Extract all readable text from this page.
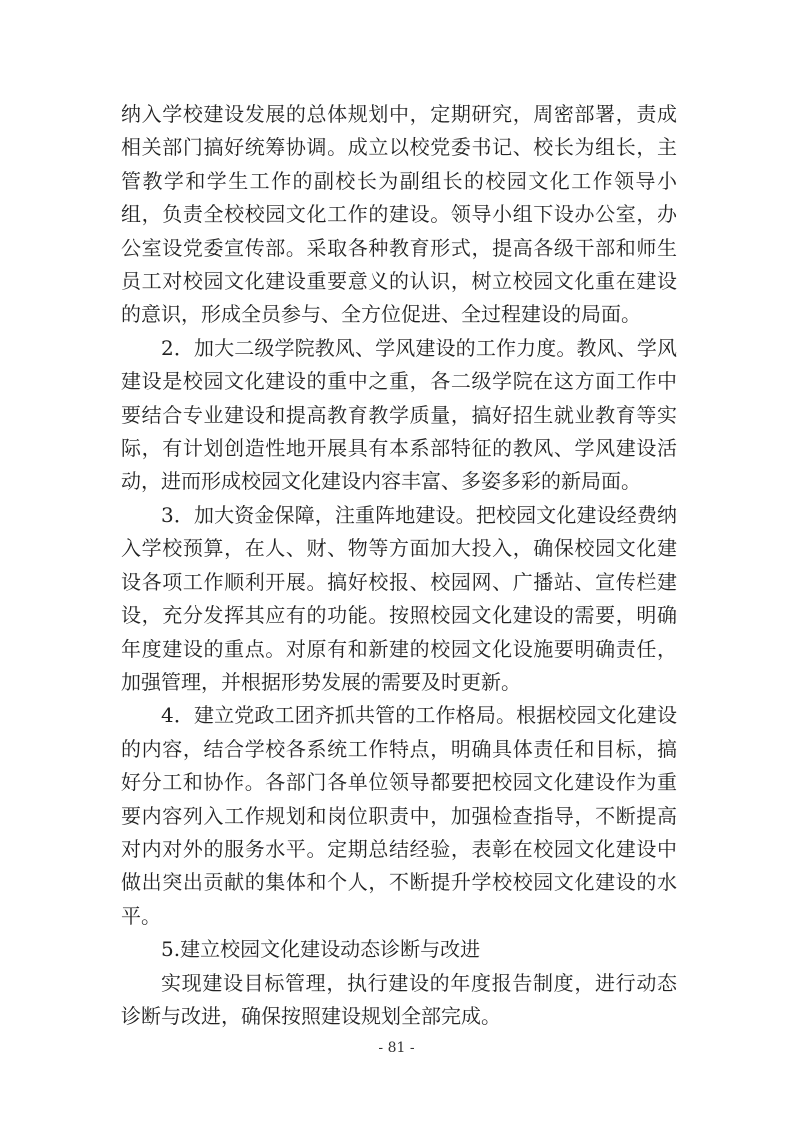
纳入学校建设发展的总体规划中，定期研究，周密部署，责成相关部门搞好统筹协调。成立以校党委书记、校长为组长，主管教学和学生工作的副校长为副组长的校园文化工作领导小组，负责全校校园文化工作的建设。领导小组下设办公室，办公室设党委宣传部。采取各种教育形式，提高各级干部和师生员工对校园文化建设重要意义的认识，树立校园文化重在建设的意识，形成全员参与、全方位促进、全过程建设的局面。

2．加大二级学院教风、学风建设的工作力度。教风、学风建设是校园文化建设的重中之重，各二级学院在这方面工作中要结合专业建设和提高教育教学质量，搞好招生就业教育等实际，有计划创造性地开展具有本系部特征的教风、学风建设活动，进而形成校园文化建设内容丰富、多姿多彩的新局面。

3．加大资金保障，注重阵地建设。把校园文化建设经费纳入学校预算，在人、财、物等方面加大投入，确保校园文化建设各项工作顺利开展。搞好校报、校园网、广播站、宣传栏建设，充分发挥其应有的功能。按照校园文化建设的需要，明确年度建设的重点。对原有和新建的校园文化设施要明确责任，加强管理，并根据形势发展的需要及时更新。

4．建立党政工团齐抓共管的工作格局。根据校园文化建设的内容，结合学校各系统工作特点，明确具体责任和目标，搞好分工和协作。各部门各单位领导都要把校园文化建设作为重要内容列入工作规划和岗位职责中，加强检查指导，不断提高对内对外的服务水平。定期总结经验，表彰在校园文化建设中做出突出贡献的集体和个人，不断提升学校校园文化建设的水平。

5.建立校园文化建设动态诊断与改进

实现建设目标管理，执行建设的年度报告制度，进行动态诊断与改进，确保按照建设规划全部完成。

- 81 -
